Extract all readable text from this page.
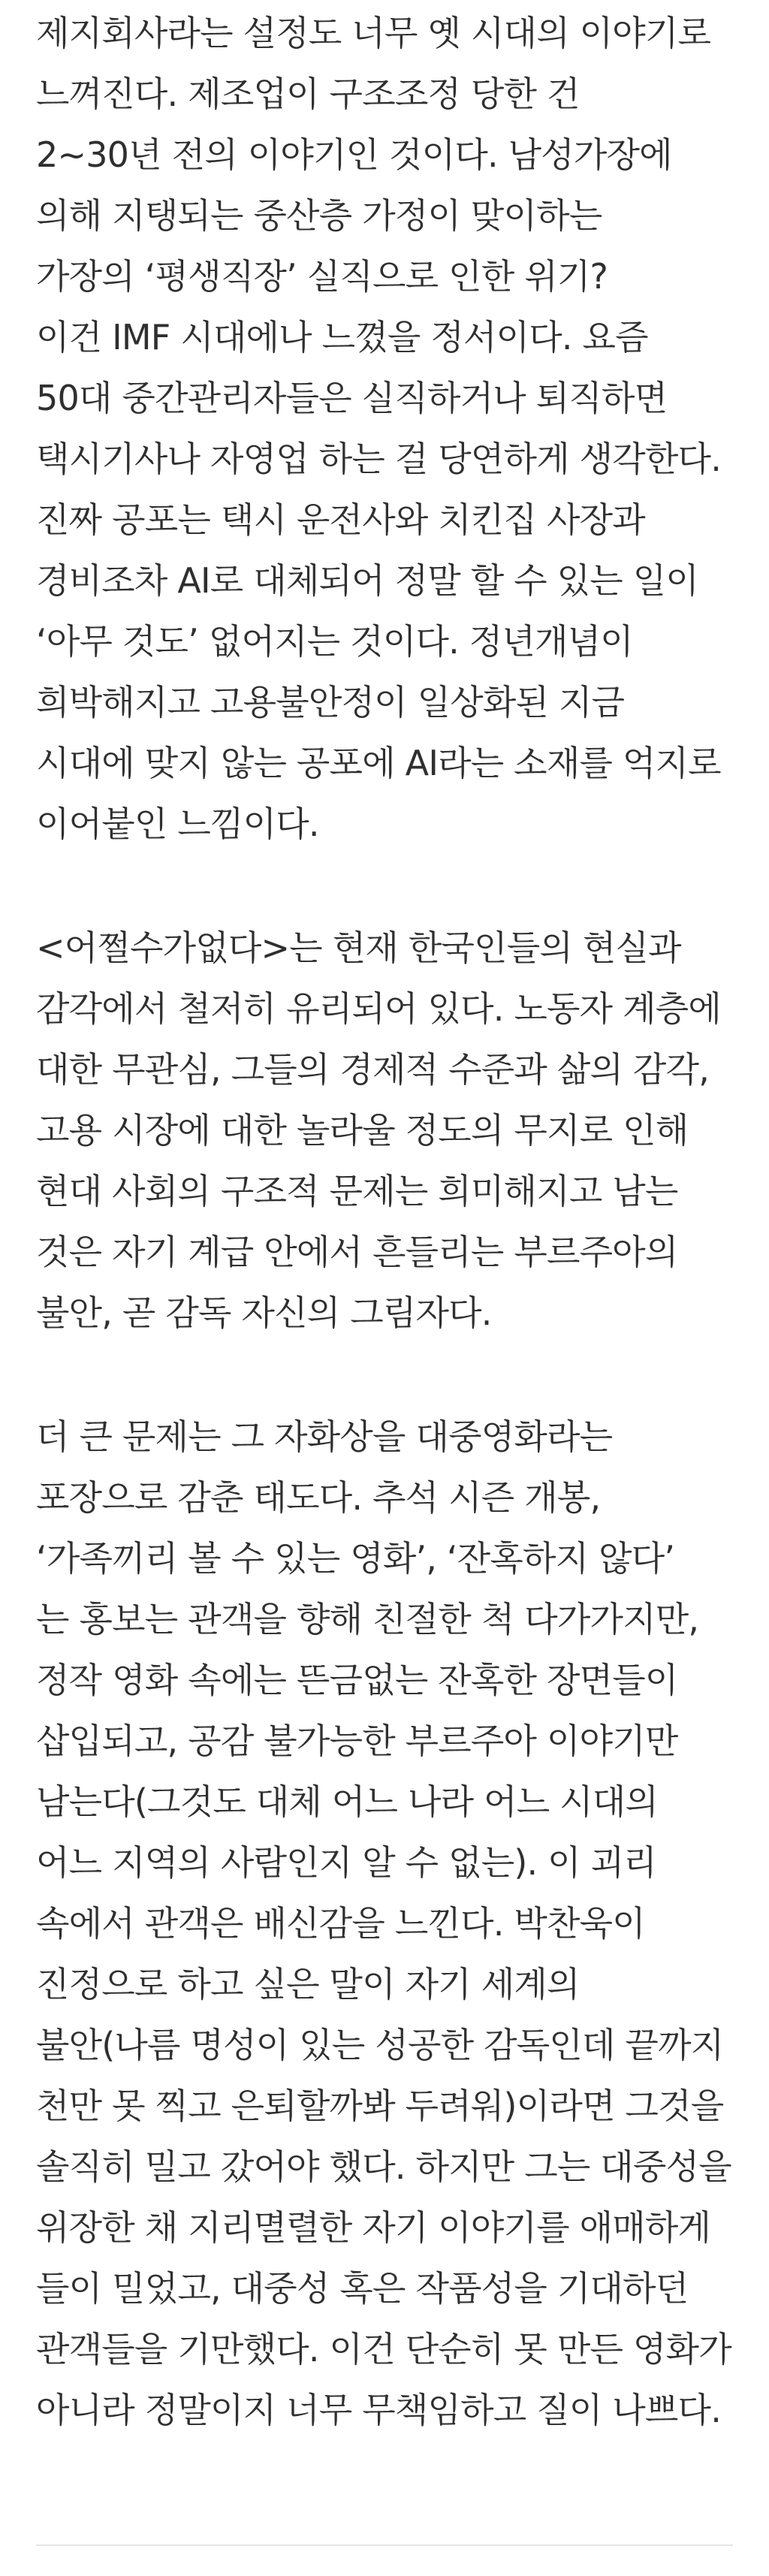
제지회사라는 설정도 너무 옛 시대의 이야기로
느껴진다. 제조업이 구조조정 당한 건
2~30년 전의 이야기인 것이다. 남성가장에
의해 지탱되는 중산층 가정이 맞이하는
가장의 ‘평생직장’ 실직으로 인한 위기?
이건 IMF 시대에나 느꼈을 정서이다. 요즘
50대 중간관리자들은 실직하거나 퇴직하면
택시기사나 자영업 하는 걸 당연하게 생각한다.
진짜 공포는 택시 운전사와 치킨집 사장과
경비조차 AI로 대체되어 정말 할 수 있는 일이
‘아무 것도’ 없어지는 것이다. 정년개념이
희박해지고 고용불안정이 일상화된 지금
시대에 맞지 않는 공포에 AI라는 소재를 억지로
이어붙인 느낌이다.

<어쩔수가없다>는 현재 한국인들의 현실과
감각에서 철저히 유리되어 있다. 노동자 계층에
대한 무관심, 그들의 경제적 수준과 삶의 감각,
고용 시장에 대한 놀라울 정도의 무지로 인해
현대 사회의 구조적 문제는 희미해지고 남는
것은 자기 계급 안에서 흔들리는 부르주아의
불안, 곧 감독 자신의 그림자다.

더 큰 문제는 그 자화상을 대중영화라는
포장으로 감춘 태도다. 추석 시즌 개봉,
‘가족끼리 볼 수 있는 영화’, ‘잔혹하지 않다’
는 홍보는 관객을 향해 친절한 척 다가가지만,
정작 영화 속에는 뜬금없는 잔혹한 장면들이
삽입되고, 공감 불가능한 부르주아 이야기만
남는다(그것도 대체 어느 나라 어느 시대의
어느 지역의 사람인지 알 수 없는). 이 괴리
속에서 관객은 배신감을 느낀다. 박찬욱이
진정으로 하고 싶은 말이 자기 세계의
불안(나름 명성이 있는 성공한 감독인데 끝까지
천만 못 찍고 은퇴할까봐 두려워)이라면 그것을
솔직히 밀고 갔어야 했다. 하지만 그는 대중성을
위장한 채 지리멸렬한 자기 이야기를 애매하게
들이 밀었고, 대중성 혹은 작품성을 기대하던
관객들을 기만했다. 이건 단순히 못 만든 영화가
아니라 정말이지 너무 무책임하고 질이 나쁘다.
